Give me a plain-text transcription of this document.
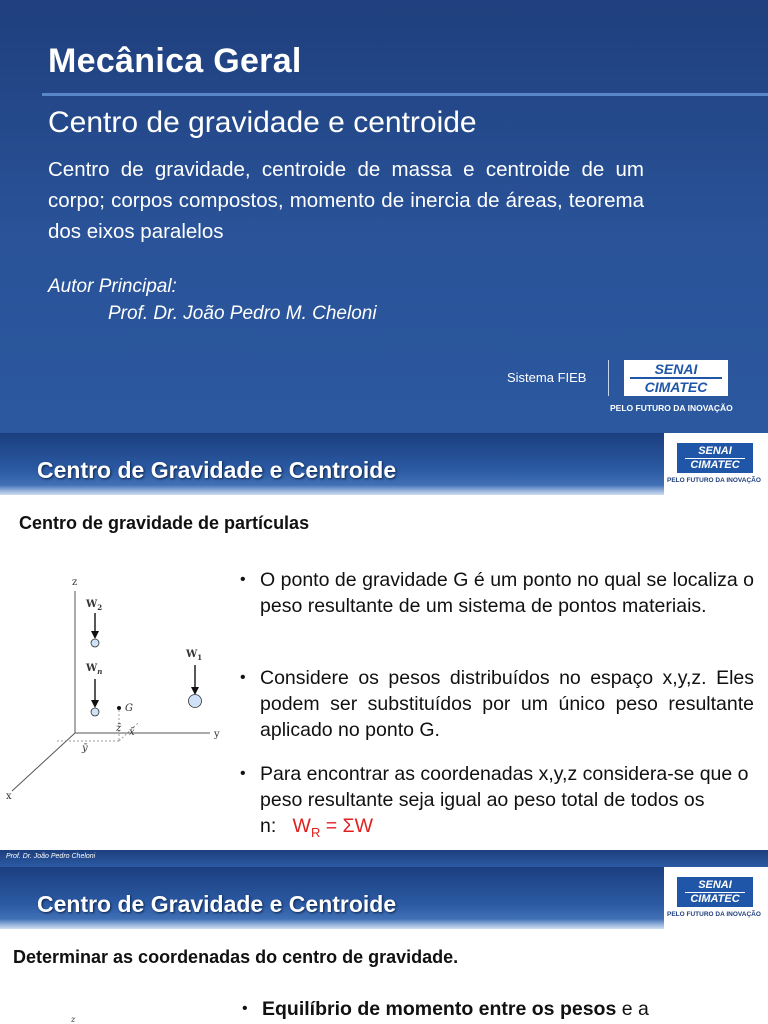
Mecânica Geral
Centro de gravidade e centroide
Centro de gravidade, centroide de massa e centroide de um corpo; corpos compostos, momento de inercia de áreas, teorema dos eixos paralelos
Autor Principal:
Prof. Dr. João Pedro M. Cheloni
Sistema FIEB
SENAI
CIMATEC
PELO FUTURO DA INOVAÇÃO
Centro de Gravidade e Centroide
SENAI
CIMATEC
PELO FUTURO DA INOVAÇÃO
Centro de gravidade de partículas
z
y
x
$W_2$
$W_n$
$W_1$
G
z̄ x̄
ȳ
• O ponto de gravidade G é um ponto no qual se localiza o peso resultante de um sistema de pontos materiais.
• Considere os pesos distribuídos no espaço x,y,z. Eles podem ser substituídos por um único peso resultante aplicado no ponto G.
• Para encontrar as coordenadas x,y,z considera-se que o peso resultante seja igual ao peso total de todos os n: $W_R = \Sigma W$
Prof. Dr. João Pedro Cheloni
Centro de Gravidade e Centroide
SENAI
CIMATEC
PELO FUTURO DA INOVAÇÃO
Determinar as coordenadas do centro de gravidade.
z
•	Equilíbrio de momento entre os pesos e a
